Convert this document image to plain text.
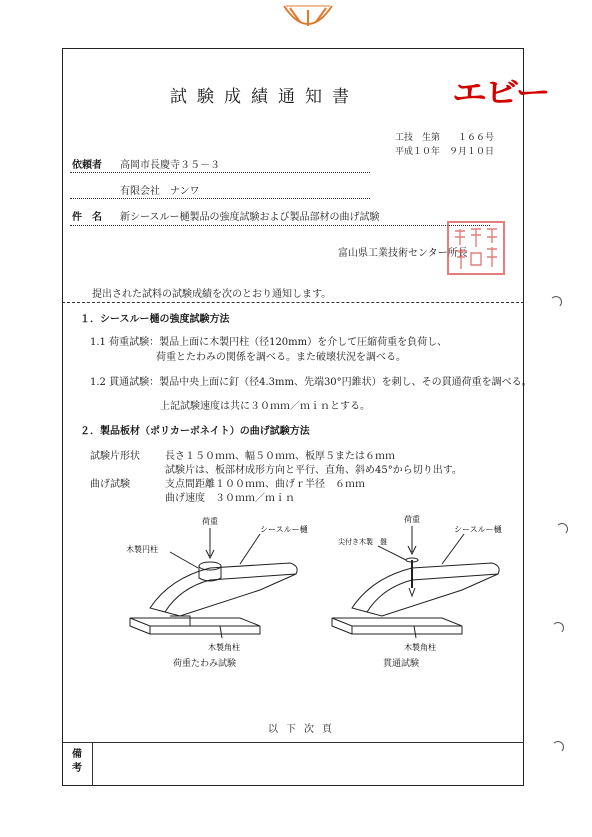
試験成績通知書	エビー
工技　生第　　１６６号
平成１０年　９月１０日
依頼者 高岡市長慶寺３５－３
有限会社　ナンワ
件　名 新シースルー樋製品の強度試験および製品部材の曲げ試験
富山県工業技術センター所長
提出された試料の試験成績を次のとおり通知します。
１．シースルー樋の強度試験方法
1.1 荷重試験：製品上面に木製円柱（径120mm）を介して圧縮荷重を負荷し、
荷重とたわみの関係を調べる。また破壊状況を調べる。
1.2 貫通試験：製品中央上面に釘（径4.3mm、先端30°円錐状）を刺し、その貫通荷重を調べる。
上記試験速度は共に３０ｍｍ／ｍｉｎとする。
２．製品板材（ポリカーボネイト）の曲げ試験方法
試験片形状	長さ１５０ｍｍ、幅５０ｍｍ、板厚５または６ｍｍ
試験片は、板部材成形方向と平行、直角、斜め45°から切り出す。
曲げ試験	支点間距離１００ｍｍ、曲げｒ半径　６ｍｍ
曲げ速度　３０ｍｍ／ｍｉｎ
荷重
木製円柱
シースルー樋
木製角柱
荷重たわみ試験
荷重
尖付き木製　盤
シースルー樋
木製角柱
貫通試験
以下次頁
備考
